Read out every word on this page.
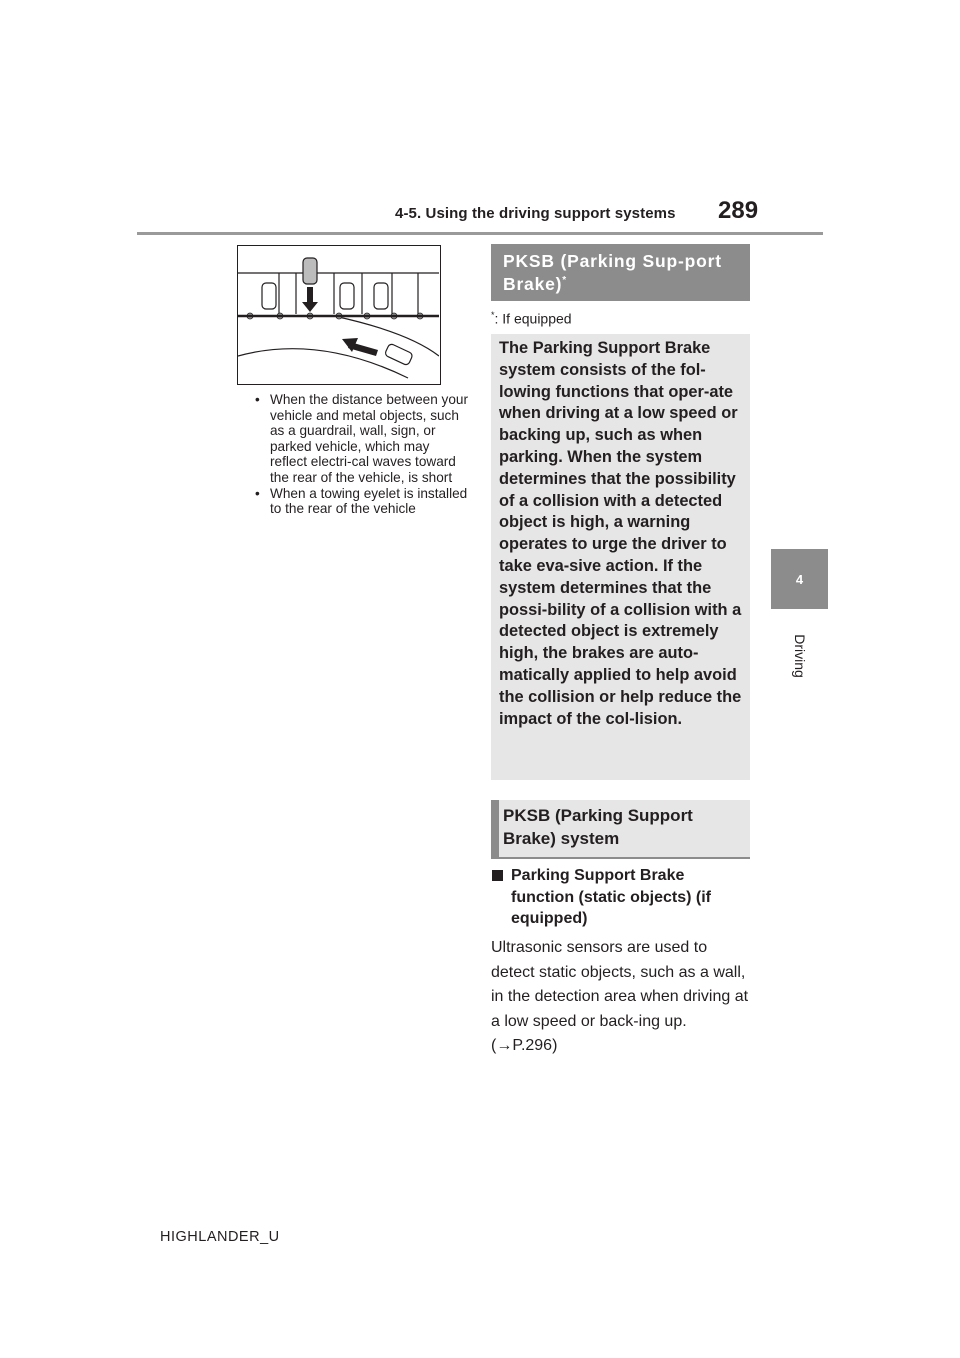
4-5. Using the driving support systems 289
4
Driving
• When the distance between your vehicle and metal objects, such as a guardrail, wall, sign, or parked vehicle, which may reflect electri-cal waves toward the rear of the vehicle, is short
• When a towing eyelet is installed to the rear of the vehicle
PKSB (Parking Sup-port Brake)*
*: If equipped
The Parking Support Brake system consists of the fol-lowing functions that oper-ate when driving at a low speed or backing up, such as when parking. When the system determines that the possibility of a collision with a detected object is high, a warning operates to urge the driver to take eva-sive action. If the system determines that the possi-bility of a collision with a detected object is extremely high, the brakes are auto-matically applied to help avoid the collision or help reduce the impact of the col-lision.
PKSB (Parking Support Brake) system
Parking Support Brake function (static objects) (if equipped)
Ultrasonic sensors are used to detect static objects, such as a wall, in the detection area when driving at a low speed or back-ing up. (→P.296)
HIGHLANDER_U
